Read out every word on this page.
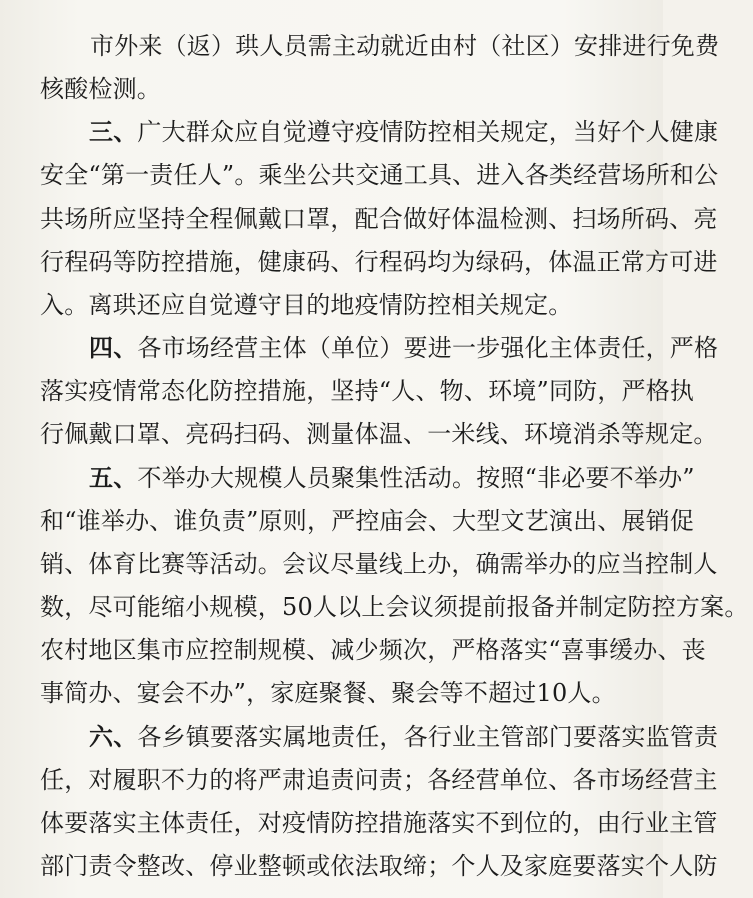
市外来（返）珙人员需主动就近由村（社区）安排进行免费
核酸检测。
三、广大群众应自觉遵守疫情防控相关规定，当好个人健康
安全“第一责任人”。乘坐公共交通工具、进入各类经营场所和公
共场所应坚持全程佩戴口罩，配合做好体温检测、扫场所码、亮
行程码等防控措施，健康码、行程码均为绿码，体温正常方可进
入。离珙还应自觉遵守目的地疫情防控相关规定。
四、各市场经营主体（单位）要进一步强化主体责任，严格
落实疫情常态化防控措施，坚持“人、物、环境”同防，严格执
行佩戴口罩、亮码扫码、测量体温、一米线、环境消杀等规定。
五、不举办大规模人员聚集性活动。按照“非必要不举办”
和“谁举办、谁负责”原则，严控庙会、大型文艺演出、展销促
销、体育比赛等活动。会议尽量线上办，确需举办的应当控制人
数，尽可能缩小规模，50人以上会议须提前报备并制定防控方案。
农村地区集市应控制规模、减少频次，严格落实“喜事缓办、丧
事简办、宴会不办”，家庭聚餐、聚会等不超过10人。
六、各乡镇要落实属地责任，各行业主管部门要落实监管责
任，对履职不力的将严肃追责问责；各经营单位、各市场经营主
体要落实主体责任，对疫情防控措施落实不到位的，由行业主管
部门责令整改、停业整顿或依法取缔；个人及家庭要落实个人防
